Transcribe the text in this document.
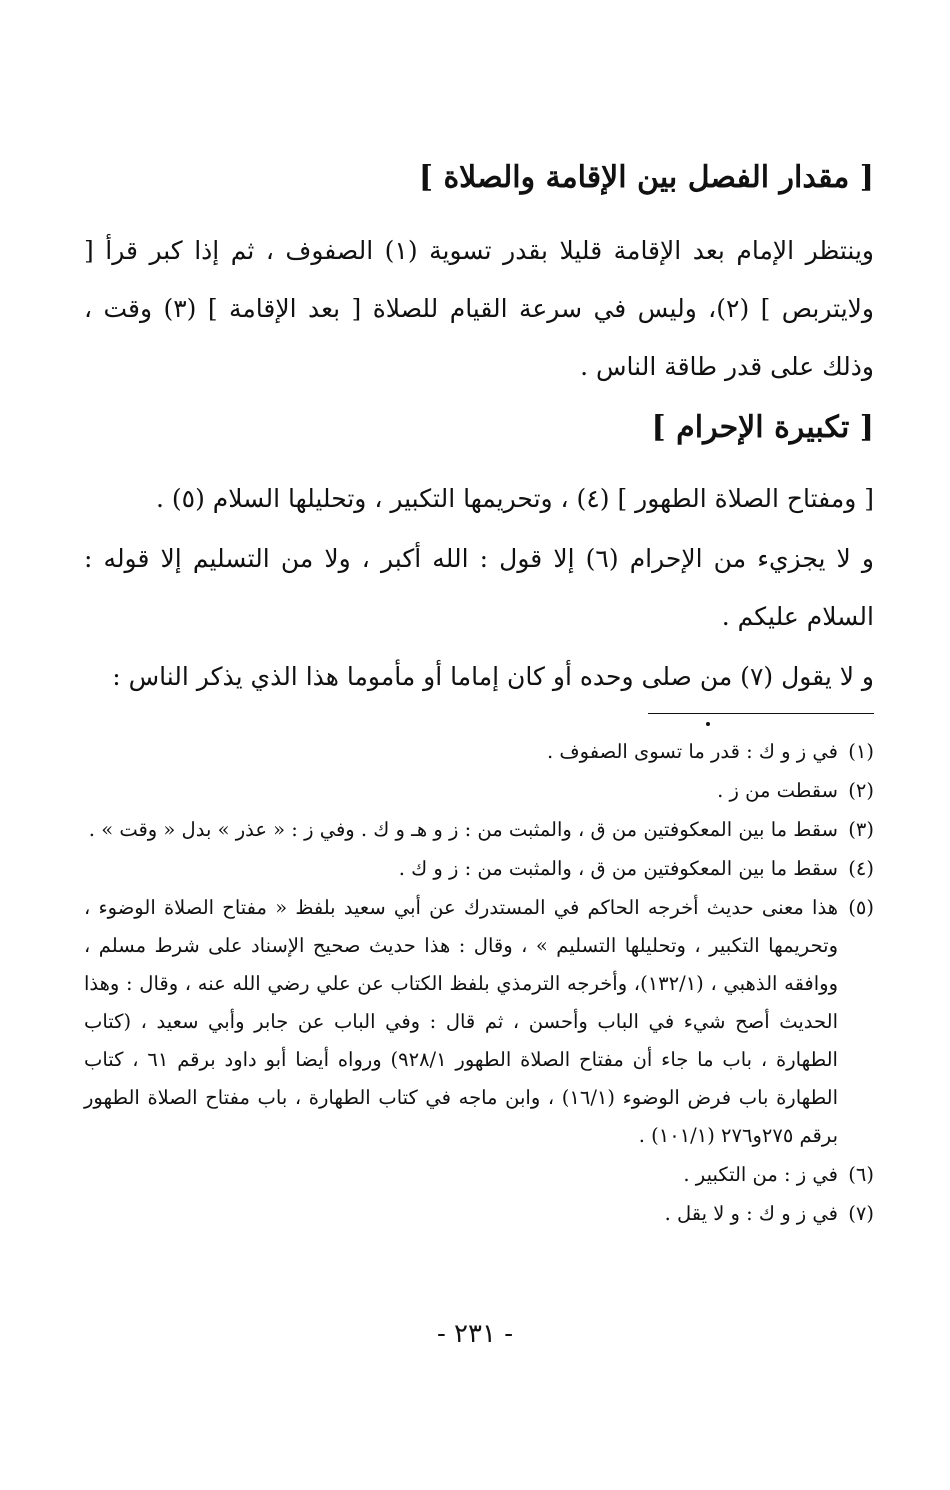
[ مقدار الفصل بين الإقامة والصلاة ]
وينتظر الإمام بعد الإقامة قليلا بقدر تسوية (١) الصفوف ، ثم إذا كبر قرأ [ ولايتربص ] (٢)، وليس في سرعة القيام للصلاة [ بعد الإقامة ] (٣) وقت ، وذلك على قدر طاقة الناس .
[ تكبيرة الإحرام ]
[ ومفتاح الصلاة الطهور ] (٤) ، وتحريمها التكبير ، وتحليلها السلام (٥) .
و لا يجزيء من الإحرام (٦) إلا قول : الله أكبر ، ولا من التسليم إلا قوله : السلام عليكم .
و لا يقول (٧) من صلى وحده أو كان إماما أو مأموما هذا الذي يذكر الناس :
(١)
في ز و ك : قدر ما تسوى الصفوف .
(٢)
سقطت من ز .
(٣)
سقط ما بين المعكوفتين من ق ، والمثبت من : ز و هـ و ك . وفي ز : « عذر » بدل « وقت » .
(٤)
سقط ما بين المعكوفتين من ق ، والمثبت من : ز و ك .
(٥)
هذا معنى حديث أخرجه الحاكم في المستدرك عن أبي سعيد بلفظ « مفتاح الصلاة الوضوء ، وتحريمها التكبير ، وتحليلها التسليم » ، وقال : هذا حديث صحيح الإسناد على شرط مسلم ، ووافقه الذهبي ، (١٣٢/١)، وأخرجه الترمذي بلفظ الكتاب عن علي رضي الله عنه ، وقال : وهذا الحديث أصح شيء في الباب وأحسن ، ثم قال : وفي الباب عن جابر وأبي سعيد ، (كتاب الطهارة ، باب ما جاء أن مفتاح الصلاة الطهور ٩٢٨/١) ورواه أيضا أبو داود برقم ٦١ ، كتاب الطهارة باب فرض الوضوء (١٦/١) ، وابن ماجه في كتاب الطهارة ، باب مفتاح الصلاة الطهور برقم ٢٧٥و٢٧٦ (١٠١/١) .
(٦)
في ز : من التكبير .
(٧)
في ز و ك : و لا يقل .
- ٢٣١ -
